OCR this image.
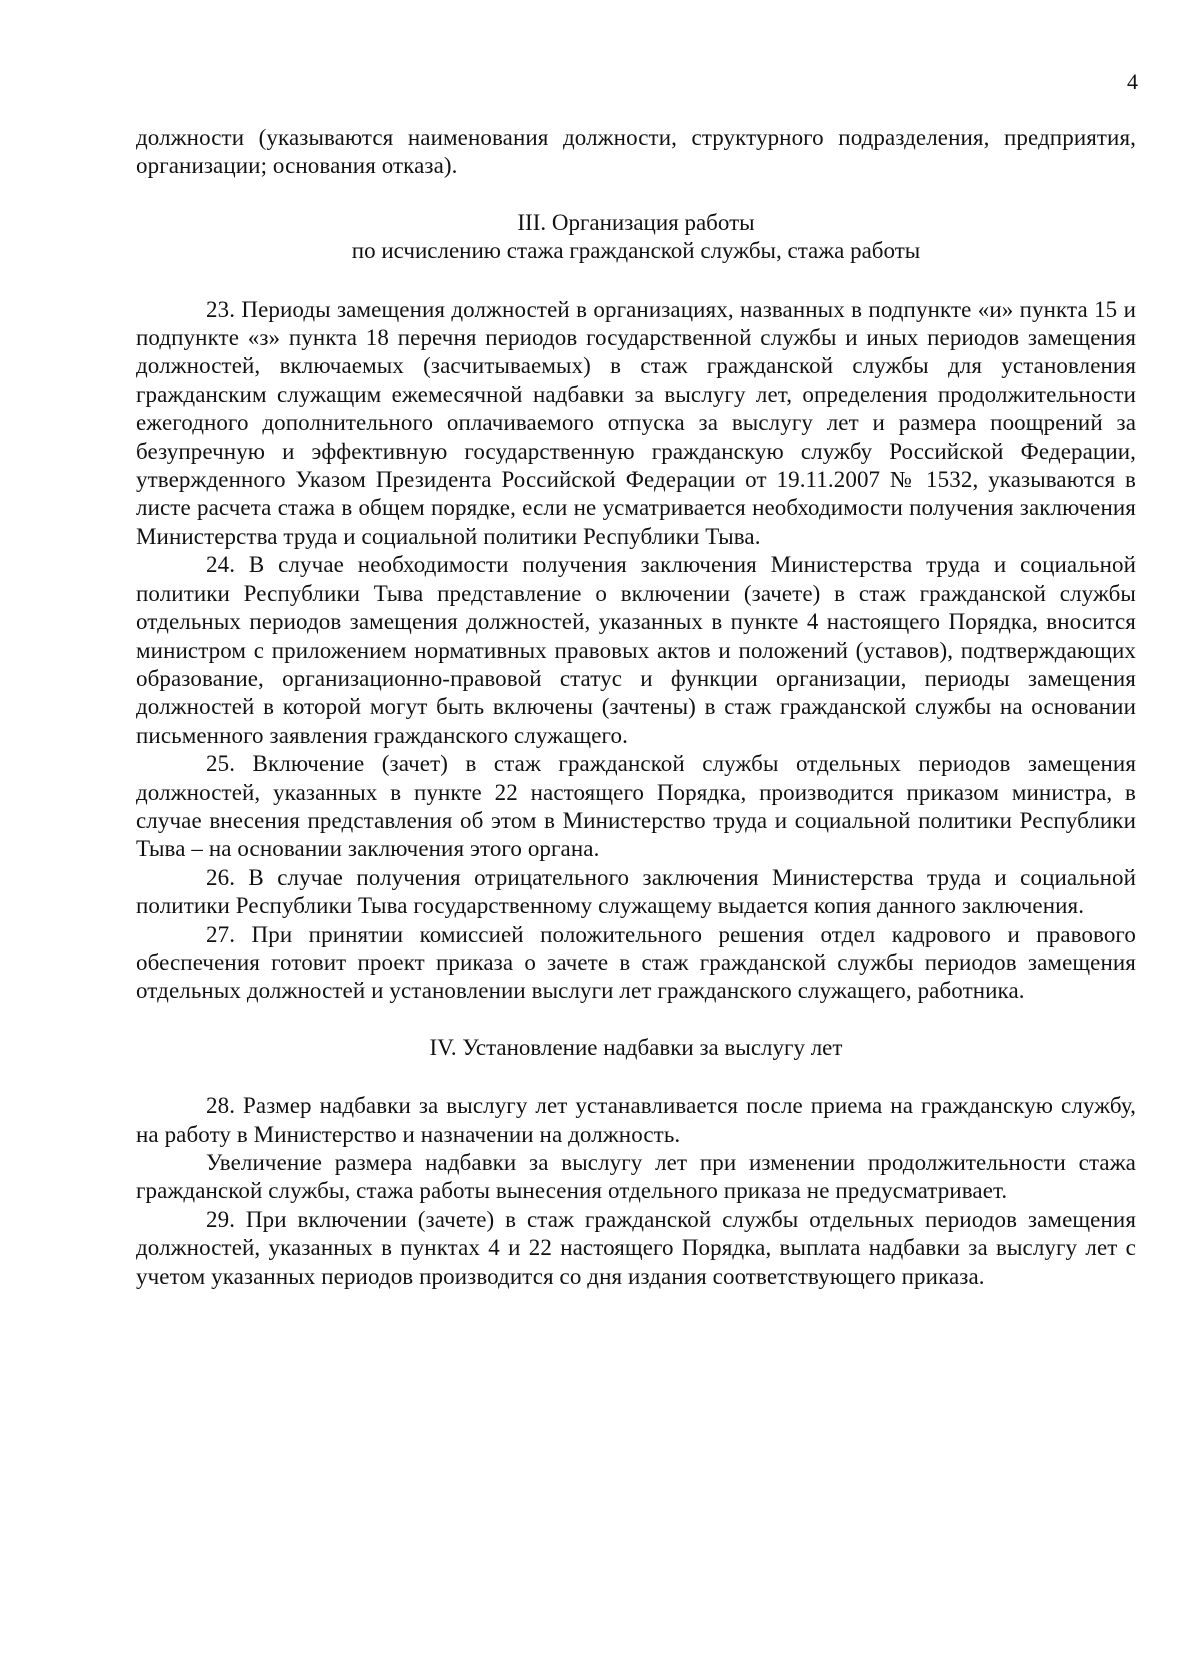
4

должности (указываются наименования должности, структурного подразделения, предприятия, организации; основания отказа).

III. Организация работы
по исчислению стажа гражданской службы, стажа работы

23. Периоды замещения должностей в организациях, названных в подпункте «и» пункта 15 и подпункте «з» пункта 18 перечня периодов государственной службы и иных периодов замещения должностей, включаемых (засчитываемых) в стаж гражданской службы для установления гражданским служащим ежемесячной надбавки за выслугу лет, определения продолжительности ежегодного дополнительного оплачиваемого отпуска за выслугу лет и размера поощрений за безупречную и эффективную государственную гражданскую службу Российской Федерации, утвержденного Указом Президента Российской Федерации от 19.11.2007 № 1532, указываются в листе расчета стажа в общем порядке, если не усматривается необходимости получения заключения Министерства труда и социальной политики Республики Тыва.

24. В случае необходимости получения заключения Министерства труда и социальной политики Республики Тыва представление о включении (зачете) в стаж гражданской службы отдельных периодов замещения должностей, указанных в пункте 4 настоящего Порядка, вносится министром с приложением нормативных правовых актов и положений (уставов), подтверждающих образование, организационно-правовой статус и функции организации, периоды замещения должностей в которой могут быть включены (зачтены) в стаж гражданской службы на основании письменного заявления гражданского служащего.

25. Включение (зачет) в стаж гражданской службы отдельных периодов замещения должностей, указанных в пункте 22 настоящего Порядка, производится приказом министра, в случае внесения представления об этом в Министерство труда и социальной политики Республики Тыва – на основании заключения этого органа.

26. В случае получения отрицательного заключения Министерства труда и социальной политики Республики Тыва государственному служащему выдается копия данного заключения.

27. При принятии комиссией положительного решения отдел кадрового и правового обеспечения готовит проект приказа о зачете в стаж гражданской службы периодов замещения отдельных должностей и установлении выслуги лет гражданского служащего, работника.

IV. Установление надбавки за выслугу лет

28. Размер надбавки за выслугу лет устанавливается после приема на гражданскую службу, на работу в Министерство и назначении на должность.

Увеличение размера надбавки за выслугу лет при изменении продолжительности стажа гражданской службы, стажа работы вынесения отдельного приказа не предусматривает.

29. При включении (зачете) в стаж гражданской службы отдельных периодов замещения должностей, указанных в пунктах 4 и 22 настоящего Порядка, выплата надбавки за выслугу лет с учетом указанных периодов производится со дня издания соответствующего приказа.
